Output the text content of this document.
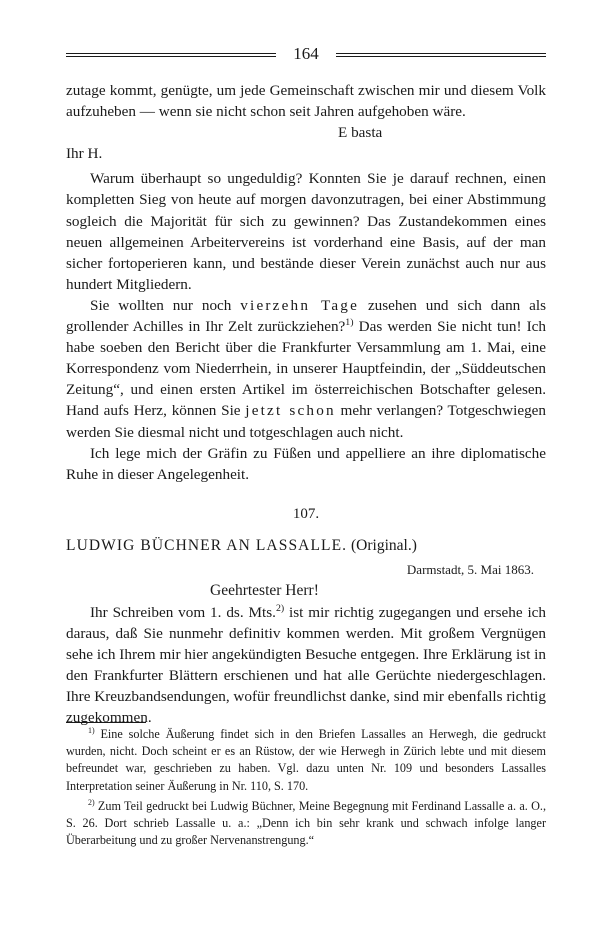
164

zutage kommt, genügte, um jede Gemeinschaft zwischen mir und diesem Volk aufzuheben — wenn sie nicht schon seit Jahren aufgehoben wäre.

E basta

Ihr H.

Warum überhaupt so ungeduldig? Konnten Sie je darauf rechnen, einen kompletten Sieg von heute auf morgen davonzutragen, bei einer Abstimmung sogleich die Majorität für sich zu gewinnen? Das Zustandekommen eines neuen allgemeinen Arbeitervereins ist vorderhand eine Basis, auf der man sicher fortoperieren kann, und bestände dieser Verein zunächst auch nur aus hundert Mitgliedern.

Sie wollten nur noch vierzehn Tage zusehen und sich dann als grollender Achilles in Ihr Zelt zurückziehen?$^{1)}$ Das werden Sie nicht tun! Ich habe soeben den Bericht über die Frankfurter Versammlung am 1. Mai, eine Korrespondenz vom Niederrhein, in unserer Hauptfeindin, der „Süddeutschen Zeitung“, und einen ersten Artikel im österreichischen Botschafter gelesen. Hand aufs Herz, können Sie jetzt schon mehr verlangen? Totgeschwiegen werden Sie diesmal nicht und totgeschlagen auch nicht.

Ich lege mich der Gräfin zu Füßen und appelliere an ihre diplomatische Ruhe in dieser Angelegenheit.

107.
LUDWIG BÜCHNER AN LASSALLE. (Original.)
Darmstadt, 5. Mai 1863.
Geehrtester Herr!

Ihr Schreiben vom 1. ds. Mts.$^{2)}$ ist mir richtig zugegangen und ersehe ich daraus, daß Sie nunmehr definitiv kommen werden. Mit großem Vergnügen sehe ich Ihrem mir hier angekündigten Besuche entgegen. Ihre Erklärung ist in den Frankfurter Blättern erschienen und hat alle Gerüchte niedergeschlagen. Ihre Kreuzbandsendungen, wofür freundlichst danke, sind mir ebenfalls richtig zugekommen.

$^{1)}$ Eine solche Äußerung findet sich in den Briefen Lassalles an Herwegh, die gedruckt wurden, nicht. Doch scheint er es an Rüstow, der wie Herwegh in Zürich lebte und mit diesem befreundet war, geschrieben zu haben. Vgl. dazu unten Nr. 109 und besonders Lassalles Interpretation seiner Äußerung in Nr. 110, S. 170.

$^{2)}$ Zum Teil gedruckt bei Ludwig Büchner, Meine Begegnung mit Ferdinand Lassalle a. a. O., S. 26. Dort schrieb Lassalle u. a.: „Denn ich bin sehr krank und schwach infolge langer Überarbeitung und zu großer Nervenanstrengung.“
